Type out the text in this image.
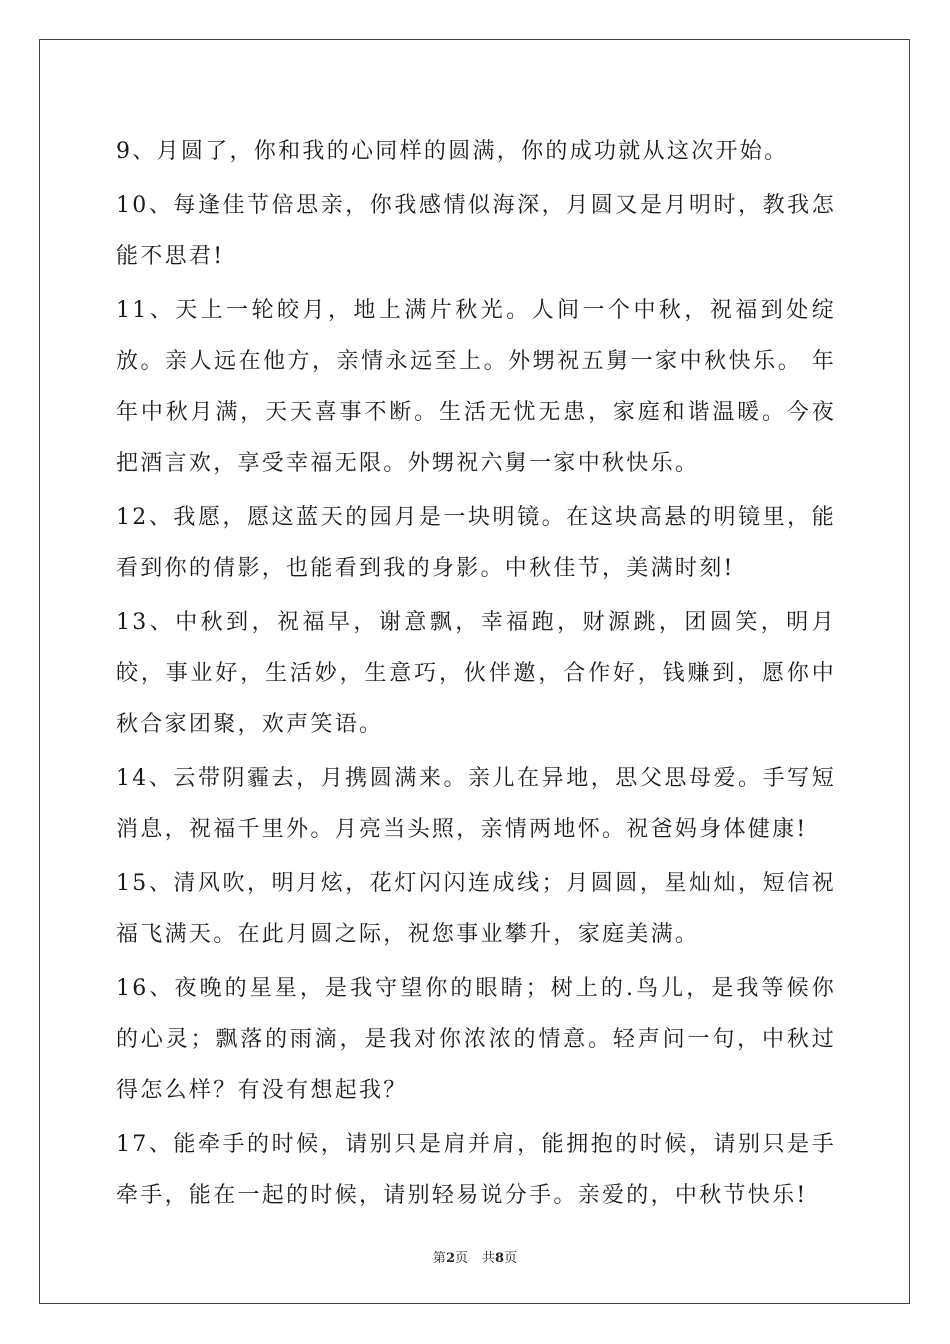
9、月圆了，你和我的心同样的圆满，你的成功就从这次开始。

10、每逢佳节倍思亲，你我感情似海深，月圆又是月明时，教我怎能不思君!

11、天上一轮皎月，地上满片秋光。人间一个中秋，祝福到处绽放。亲人远在他方，亲情永远至上。外甥祝五舅一家中秋快乐。 年年中秋月满，天天喜事不断。生活无忧无患，家庭和谐温暖。今夜把酒言欢，享受幸福无限。外甥祝六舅一家中秋快乐。

12、我愿，愿这蓝天的园月是一块明镜。在这块高悬的明镜里，能看到你的倩影，也能看到我的身影。中秋佳节，美满时刻!

13、中秋到，祝福早，谢意飘，幸福跑，财源跳，团圆笑，明月皎，事业好，生活妙，生意巧，伙伴邀，合作好，钱赚到，愿你中秋合家团聚，欢声笑语。

14、云带阴霾去，月携圆满来。亲儿在异地，思父思母爱。手写短消息，祝福千里外。月亮当头照，亲情两地怀。祝爸妈身体健康!

15、清风吹，明月炫，花灯闪闪连成线；月圆圆，星灿灿，短信祝福飞满天。在此月圆之际，祝您事业攀升，家庭美满。

16、夜晚的星星，是我守望你的眼睛；树上的.鸟儿，是我等候你的心灵；飘落的雨滴，是我对你浓浓的情意。轻声问一句，中秋过得怎么样？有没有想起我？

17、能牵手的时候，请别只是肩并肩，能拥抱的时候，请别只是手牵手，能在一起的时候，请别轻易说分手。亲爱的，中秋节快乐!

第2页 共8页
